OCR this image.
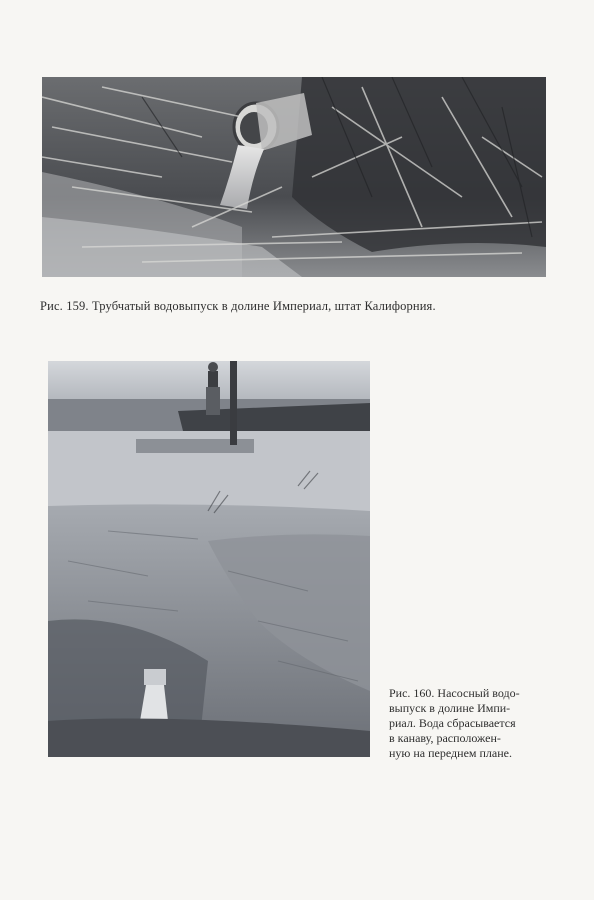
Рис. 159. Трубчатый водовыпуск в долине Империал, штат Калифорния.
Рис. 160. Насосный водо-
выпуск в долине Импи-
риал. Вода сбрасывается
в канаву, расположен-
ную на переднем плане.
